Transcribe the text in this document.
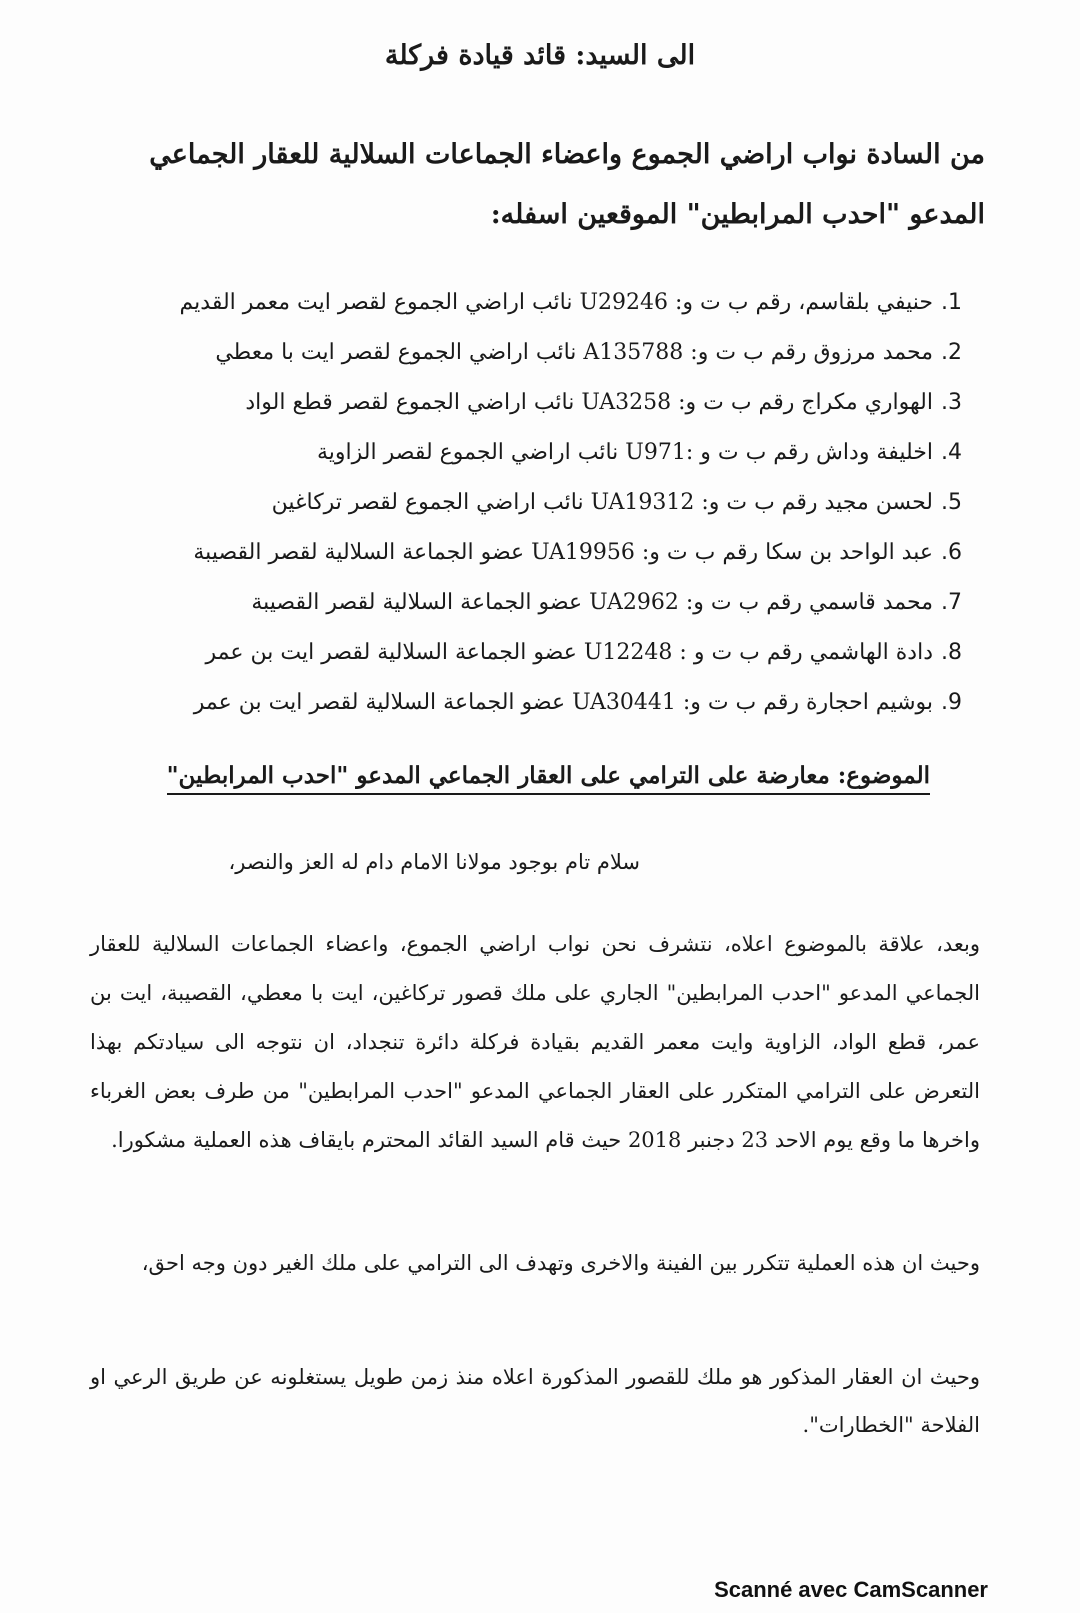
الى السيد: قائد قيادة فركلة
من السادة نواب اراضي الجموع واعضاء الجماعات السلالية للعقار الجماعي المدعو "احدب المرابطين" الموقعين اسفله:
1.حنيفي بلقاسم، رقم ب ت و: U29246 نائب اراضي الجموع لقصر ايت معمر القديم
2.محمد مرزوق رقم ب ت و: A135788 نائب اراضي الجموع لقصر ايت با معطي
3.الهواري مكراج رقم ب ت و: UA3258 نائب اراضي الجموع لقصر قطع الواد
4.اخليفة وداش رقم ب ت و :U971 نائب اراضي الجموع لقصر الزاوية
5.لحسن مجيد رقم ب ت و: UA19312 نائب اراضي الجموع لقصر تركاغين
6.عبد الواحد بن سكا رقم ب ت و: UA19956 عضو الجماعة السلالية لقصر القصيبة
7.محمد قاسمي رقم ب ت و: UA2962 عضو الجماعة السلالية لقصر القصيبة
8.دادة الهاشمي رقم ب ت و : U12248 عضو الجماعة السلالية لقصر ايت بن عمر
9.بوشيم احجارة رقم ب ت و: UA30441 عضو الجماعة السلالية لقصر ايت بن عمر
الموضوع: معارضة على الترامي على العقار الجماعي المدعو "احدب المرابطين"
سلام تام بوجود مولانا الامام دام له العز والنصر،

وبعد، علاقة بالموضوع اعلاه، نتشرف نحن نواب اراضي الجموع، واعضاء الجماعات السلالية للعقار الجماعي المدعو "احدب المرابطين" الجاري على ملك قصور تركاغين، ايت با معطي، القصيبة، ايت بن عمر، قطع الواد، الزاوية وايت معمر القديم بقيادة فركلة دائرة تنجداد، ان نتوجه الى سيادتكم بهذا التعرض على الترامي المتكرر على العقار الجماعي المدعو "احدب المرابطين" من طرف بعض الغرباء واخرها ما وقع يوم الاحد 23 دجنبر 2018 حيث قام السيد القائد المحترم بايقاف هذه العملية مشكورا.

وحيث ان هذه العملية تتكرر بين الفينة والاخرى وتهدف الى الترامي على ملك الغير دون وجه احق،

وحيث ان العقار المذكور هو ملك للقصور المذكورة اعلاه منذ زمن طويل يستغلونه عن طريق الرعي او الفلاحة "الخطارات".

Scanné avec CamScanner
